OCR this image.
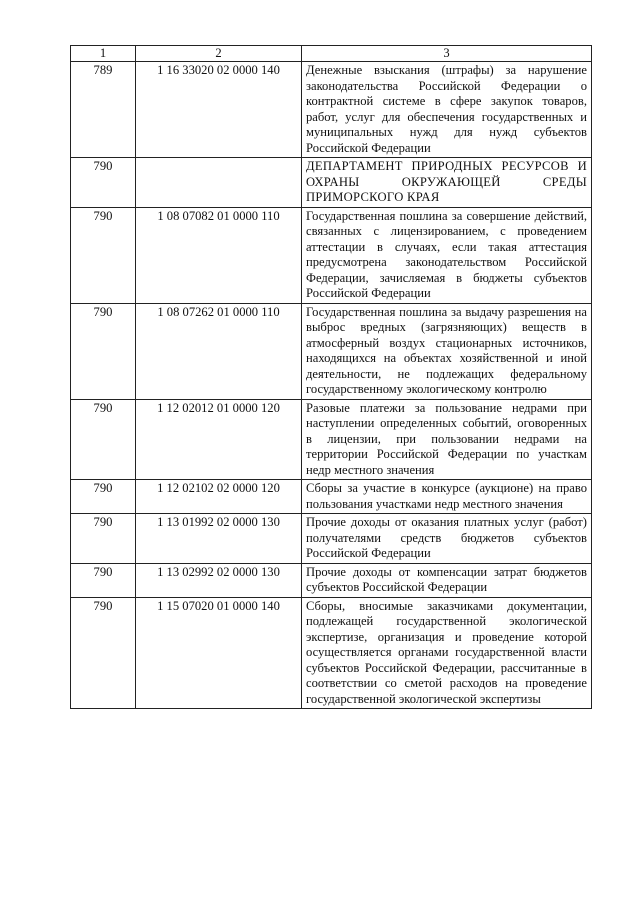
1	2	3
789	1 16 33020 02 0000 140	Денежные взыскания (штрафы) за нарушение законодательства Российской Федерации о контрактной системе в сфере закупок товаров, работ, услуг для обеспечения государственных и муниципальных нужд для нужд субъектов Российской Федерации
790		ДЕПАРТАМЕНТ ПРИРОДНЫХ РЕСУРСОВ И ОХРАНЫ ОКРУЖАЮЩЕЙ СРЕДЫ ПРИМОРСКОГО КРАЯ
790	1 08 07082 01 0000 110	Государственная пошлина за совершение действий, связанных с лицензированием, с проведением аттестации в случаях, если такая аттестация предусмотрена законодательством Российской Федерации, зачисляемая в бюджеты субъектов Российской Федерации
790	1 08 07262 01 0000 110	Государственная пошлина за выдачу разрешения на выброс вредных (загрязняющих) веществ в атмосферный воздух стационарных источников, находящихся на объектах хозяйственной и иной деятельности, не подлежащих федеральному государственному экологическому контролю
790	1 12 02012 01 0000 120	Разовые платежи за пользование недрами при наступлении определенных событий, оговоренных в лицензии, при пользовании недрами на территории Российской Федерации по участкам недр местного значения
790	1 12 02102 02 0000 120	Сборы за участие в конкурсе (аукционе) на право пользования участками недр местного значения
790	1 13 01992 02 0000 130	Прочие доходы от оказания платных услуг (работ) получателями средств бюджетов субъектов Российской Федерации
790	1 13 02992 02 0000 130	Прочие доходы от компенсации затрат бюджетов субъектов Российской Федерации
790	1 15 07020 01 0000 140	Сборы, вносимые заказчиками документации, подлежащей государственной экологической экспертизе, организация и проведение которой осуществляется органами государственной власти субъектов Российской Федерации, рассчитанные в соответствии со сметой расходов на проведение государственной экологической экспертизы
